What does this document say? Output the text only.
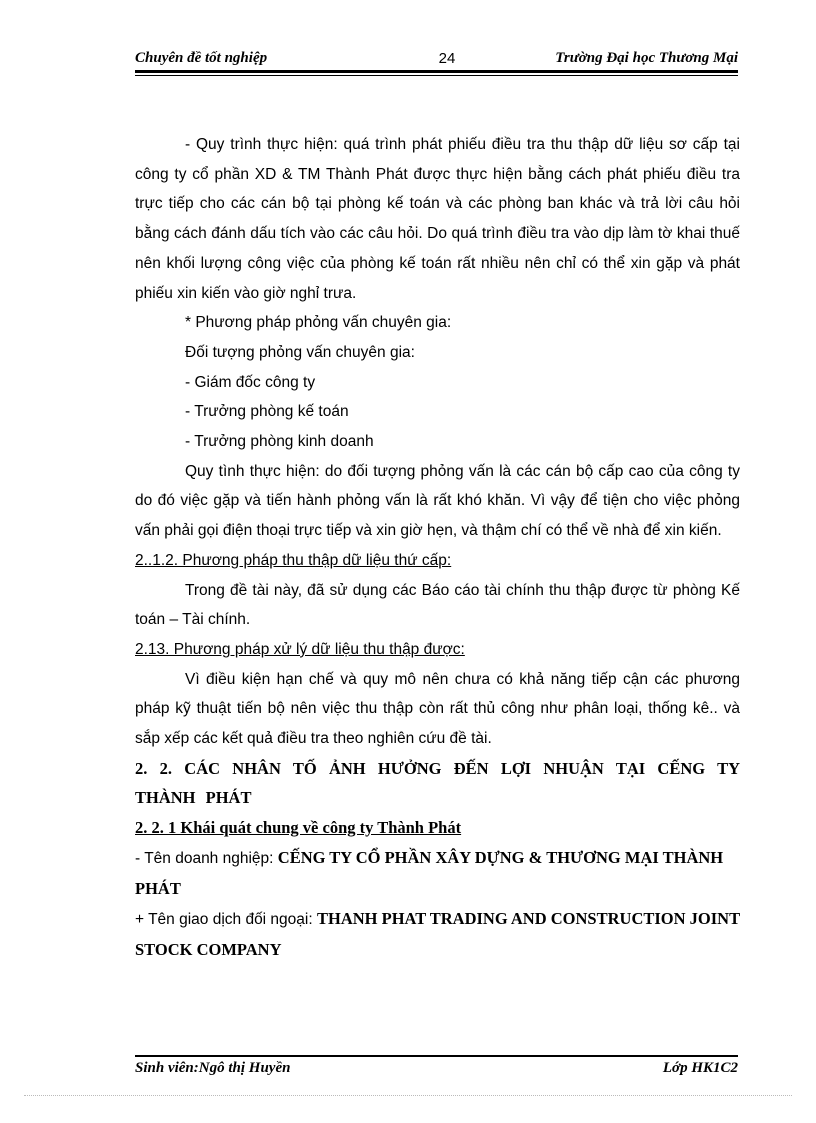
Chuyên đề tốt nghiệp	24	Trường Đại học Thương Mại

- Quy trình thực hiện: quá trình phát phiếu điều tra thu thập dữ liệu sơ cấp tại công ty cổ phần XD & TM Thành Phát được thực hiện bằng cách phát phiếu điều tra trực tiếp cho các cán bộ tại phòng kế toán và các phòng ban khác và trả lời câu hỏi bằng cách đánh dấu tích vào các câu hỏi. Do quá trình điều tra vào dịp làm tờ khai thuế nên khối lượng công việc của phòng kế toán rất nhiều nên chỉ có thể xin gặp và phát phiếu xin kiến vào giờ nghỉ trưa.

* Phương pháp phỏng vấn chuyên gia:

Đối tượng phỏng vấn chuyên gia:

- Giám đốc công ty

- Trưởng phòng kế toán

- Trưởng phòng kinh doanh

Quy tình thực hiện: do đối tượng phỏng vấn là các cán bộ cấp cao của công ty do đó việc gặp và tiến hành phỏng vấn là rất khó khăn. Vì vậy để tiện cho việc phỏng vấn phải gọi điện thoại trực tiếp và xin giờ hẹn, và thậm chí có thể về nhà để xin kiến.

2..1.2. Phương pháp thu thập dữ liệu thứ cấp:

Trong đề tài này, đã sử dụng các Báo cáo tài chính thu thập được từ phòng Kế toán – Tài chính.

2.13. Phương pháp xử lý dữ liệu thu thập được:

Vì điều kiện hạn chế và quy mô nên chưa có khả năng tiếp cận các phương pháp kỹ thuật tiến bộ nên việc thu thập còn rất thủ công như phân loại, thống kê.. và sắp xếp các kết quả điều tra theo nghiên cứu đề tài.

2. 2. CÁC NHÂN TỐ ẢNH HƯỞNG ĐẾN LỢI NHUẬN TẠI CẾNG TY THÀNH PHÁT

2. 2. 1 Khái quát chung về công ty Thành Phát

- Tên doanh nghiệp: CẾNG TY CỔ PHẦN XÂY DỰNG & THƯƠNG MẠI THÀNH PHÁT

+ Tên giao dịch đối ngoại: THANH PHAT TRADING AND CONSTRUCTION JOINT STOCK COMPANY

Sinh viên:Ngô thị Huyền	Lớp HK1C2
